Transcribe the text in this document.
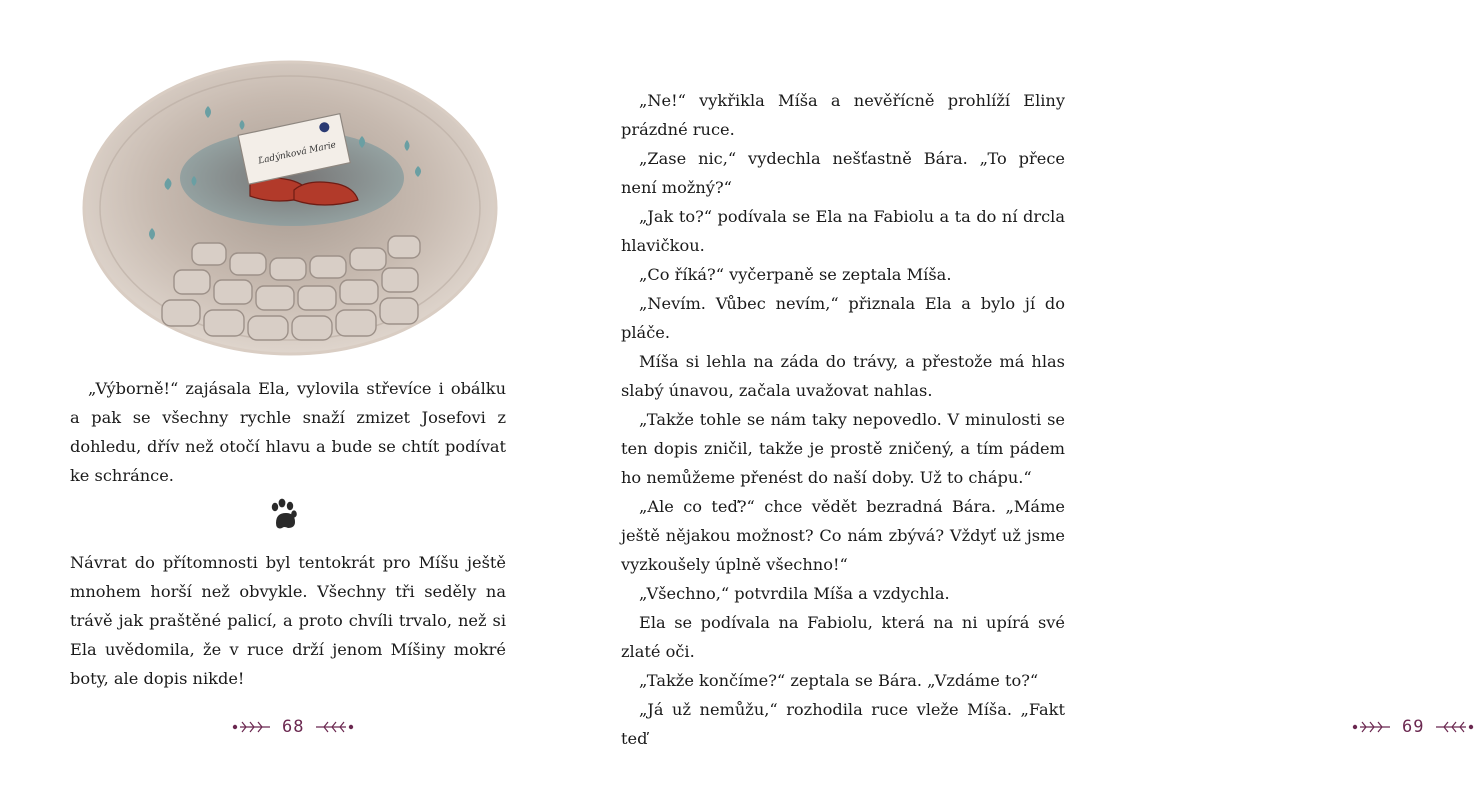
Ľadýnková Marie

„Výborně!“ zajásala Ela, vylovila střevíce i obálku a pak se všechny rychle snaží zmizet Josefovi z dohledu, dřív než otočí hlavu a bude se chtít podívat ke schránce.

Návrat do přítomnosti byl tentokrát pro Míšu ještě mnohem horší než obvykle. Všechny tři seděly na trávě jak praštěné palicí, a proto chvíli trvalo, než si Ela uvědomila, že v ruce drží jenom Míšiny mokré boty, ale dopis nikde!

68

„Ne!“ vykřikla Míša a nevěřícně prohlíží Eliny prázdné ruce.

„Zase nic,“ vydechla nešťastně Bára. „To přece není možný?“

„Jak to?“ podívala se Ela na Fabiolu a ta do ní drcla hlavičkou.

„Co říká?“ vyčerpaně se zeptala Míša.

„Nevím. Vůbec nevím,“ přiznala Ela a bylo jí do pláče.

Míša si lehla na záda do trávy, a přestože má hlas slabý únavou, začala uvažovat nahlas.

„Takže tohle se nám taky nepovedlo. V minulosti se ten dopis zničil, takže je prostě zničený, a tím pádem ho nemůžeme přenést do naší doby. Už to chápu.“

„Ale co teď?“ chce vědět bezradná Bára. „Máme ještě nějakou možnost? Co nám zbývá? Vždyť už jsme vyzkoušely úplně všechno!“

„Všechno,“ potvrdila Míša a vzdychla.

Ela se podívala na Fabiolu, která na ni upírá své zlaté oči.

„Takže končíme?“ zeptala se Bára. „Vzdáme to?“

„Já už nemůžu,“ rozhodila ruce vleže Míša. „Fakt teď

69
